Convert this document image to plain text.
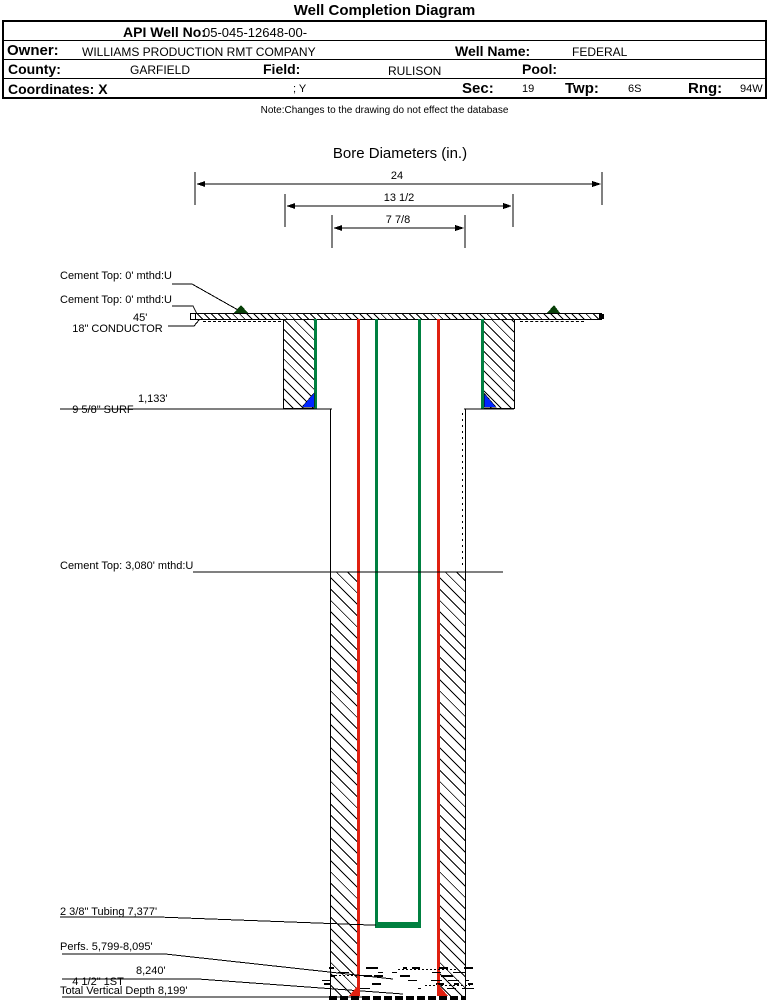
Well Completion Diagram
API Well No:
05-045-12648-00-
Owner: WILLIAMS PRODUCTION RMT COMPANY	Well Name:	FEDERAL
County:	GARFIELD	Field:	RULISON	Pool:
Coordinates: X	; Y	Sec:	19 Twp:	6S	Rng: 94W
Note:Changes to the drawing do not effect the database
Bore Diameters (in.)
24
13 1/2
7 7/8
Cement Top: 0' mthd:U
Cement Top: 0' mthd:U

18" CONDUCTOR

45'

9 5/8" SURF

1,133'

Cement Top: 3,080' mthd:U
2 3/8" Tubing 7,377'
Perfs. 5,799-8,095'

4 1/2" 1ST

8,240'

Total Vertical Depth 8,199'
